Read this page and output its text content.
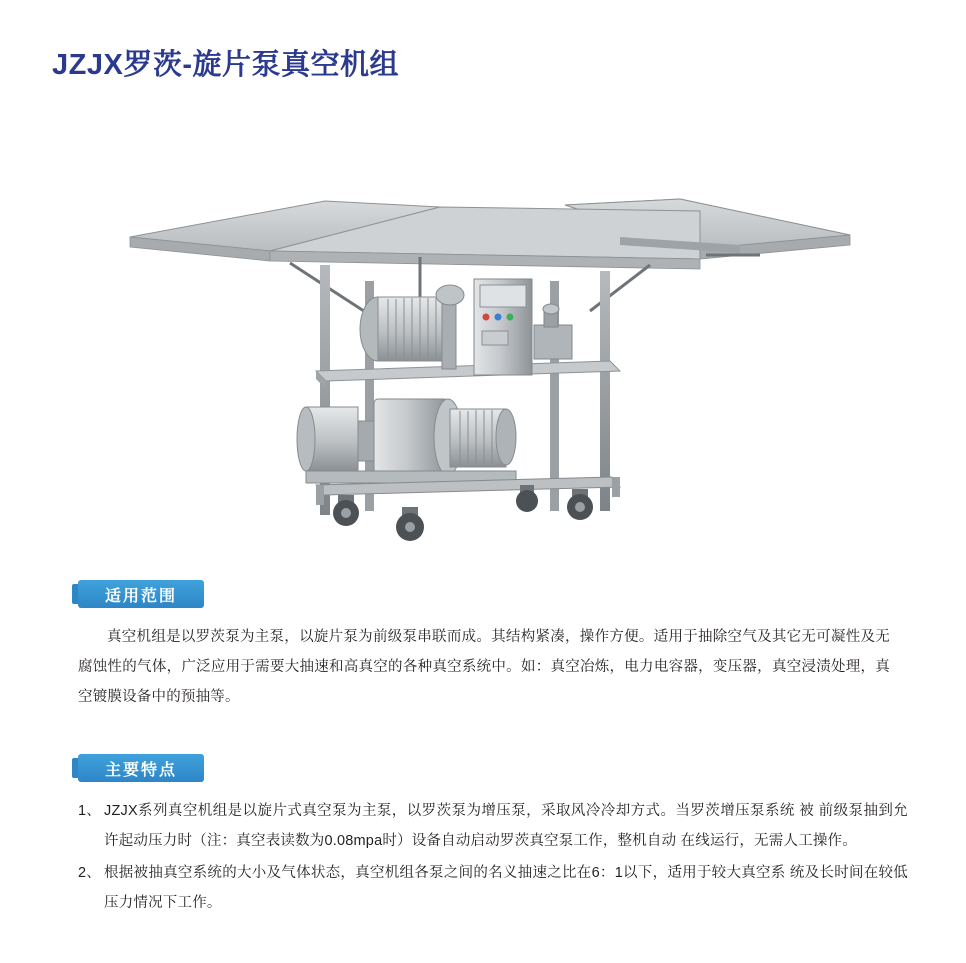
JZJX罗茨-旋片泵真空机组
适用范围
真空机组是以罗茨泵为主泵，以旋片泵为前级泵串联而成。其结构紧凑，操作方便。适用于抽除空气及其它无可凝性及无腐蚀性的气体，广泛应用于需要大抽速和高真空的各种真空系统中。如：真空冶炼，电力电容器，变压器，真空浸渍处理，真空镀膜设备中的预抽等。
主要特点
1、 JZJX系列真空机组是以旋片式真空泵为主泵，以罗茨泵为增压泵，采取风冷冷却方式。当罗茨增压泵系统 被 前级泵抽到允许起动压力时（注：真空表读数为0.08mpa时）设备自动启动罗茨真空泵工作，整机自动 在线运行，无需人工操作。
2、 根据被抽真空系统的大小及气体状态，真空机组各泵之间的名义抽速之比在6：1以下，适用于较大真空系 统及长时间在较低压力情况下工作。
